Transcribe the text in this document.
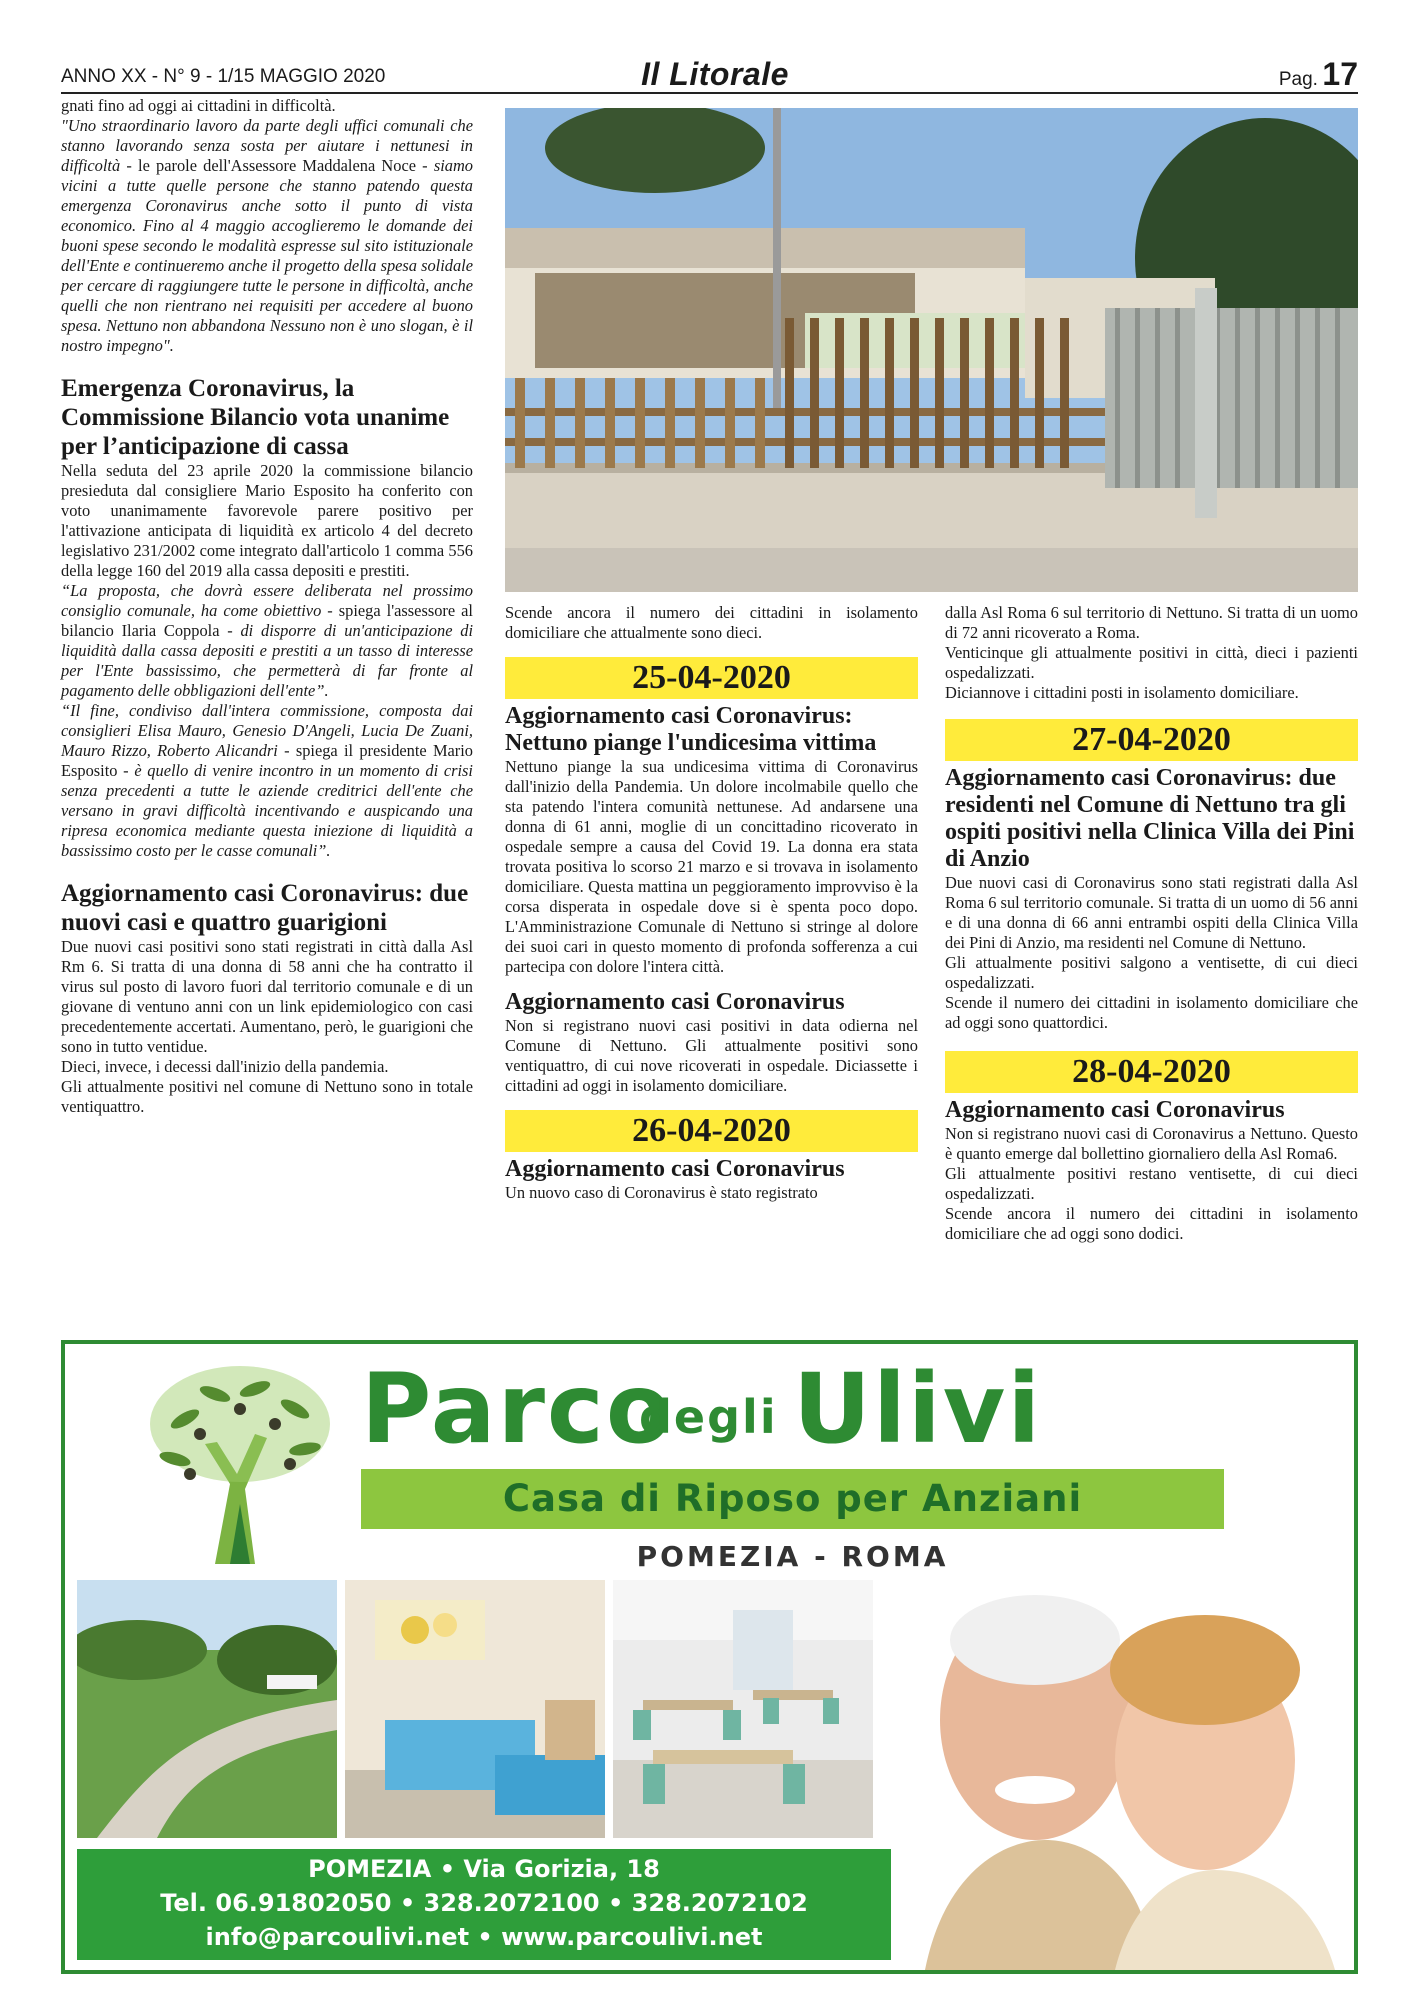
ANNO XX - N° 9 - 1/15 MAGGIO 2020	Il Litorale	Pag. 17

gnati fino ad oggi ai cittadini in difficoltà.
"Uno straordinario lavoro da parte degli uffici comunali che stanno lavorando senza sosta per aiutare i nettunesi in difficoltà - le parole dell'Assessore Maddalena Noce - siamo vicini a tutte quelle persone che stanno patendo questa emergenza Coronavirus anche sotto il punto di vista economico. Fino al 4 maggio accoglieremo le domande dei buoni spese secondo le modalità espresse sul sito istituzionale dell'Ente e continueremo anche il progetto della spesa solidale per cercare di raggiungere tutte le persone in difficoltà, anche quelli che non rientrano nei requisiti per accedere al buono spesa. Nettuno non abbandona Nessuno non è uno slogan, è il nostro impegno".

Emergenza Coronavirus, la Commissione Bilancio vota unanime per l’anticipazione di cassa

Nella seduta del 23 aprile 2020 la commissione bilancio presieduta dal consigliere Mario Esposito ha conferito con voto unanimamente favorevole parere positivo per l'attivazione anticipata di liquidità ex articolo 4 del decreto legislativo 231/2002 come integrato dall'articolo 1 comma 556 della legge 160 del 2019 alla cassa depositi e prestiti.

“La proposta, che dovrà essere deliberata nel prossimo consiglio comunale, ha come obiettivo - spiega l'assessore al bilancio Ilaria Coppola - di disporre di un'anticipazione di liquidità dalla cassa depositi e prestiti a un tasso di interesse per l'Ente bassissimo, che permetterà di far fronte al pagamento delle obbligazioni dell'ente”.

“Il fine, condiviso dall'intera commissione, composta dai consiglieri Elisa Mauro, Genesio D'Angeli, Lucia De Zuani, Mauro Rizzo, Roberto Alicandri - spiega il presidente Mario Esposito - è quello di venire incontro in un momento di crisi senza precedenti a tutte le aziende creditrici dell'ente che versano in gravi difficoltà incentivando e auspicando una ripresa economica mediante questa iniezione di liquidità a bassissimo costo per le casse comunali”.

Aggiornamento casi Coronavirus: due nuovi casi e quattro guarigioni

Due nuovi casi positivi sono stati registrati in città dalla Asl Rm 6. Si tratta di una donna di 58 anni che ha contratto il virus sul posto di lavoro fuori dal territorio comunale e di un giovane di ventuno anni con un link epidemiologico con casi precedentemente accertati. Aumentano, però, le guarigioni che sono in tutto ventidue.

Dieci, invece, i decessi dall'inizio della pandemia.

Gli attualmente positivi nel comune di Nettuno sono in totale ventiquattro.

Scende ancora il numero dei cittadini in isolamento domiciliare che attualmente sono dieci.

25-04-2020
Aggiornamento casi Coronavirus: Nettuno piange l'undicesima vittima

Nettuno piange la sua undicesima vittima di Coronavirus dall'inizio della Pandemia. Un dolore incolmabile quello che sta patendo l'intera comunità nettunese. Ad andarsene una donna di 61 anni, moglie di un concittadino ricoverato in ospedale sempre a causa del Covid 19. La donna era stata trovata positiva lo scorso 21 marzo e si trovava in isolamento domiciliare. Questa mattina un peggioramento improvviso è la corsa disperata in ospedale dove si è spenta poco dopo. L'Amministrazione Comunale di Nettuno si stringe al dolore dei suoi cari in questo momento di profonda sofferenza a cui partecipa con dolore l'intera città.

Aggiornamento casi Coronavirus

Non si registrano nuovi casi positivi in data odierna nel Comune di Nettuno. Gli attualmente positivi sono ventiquattro, di cui nove ricoverati in ospedale. Diciassette i cittadini ad oggi in isolamento domiciliare.

26-04-2020
Aggiornamento casi Coronavirus

Un nuovo caso di Coronavirus è stato registrato

dalla Asl Roma 6 sul territorio di Nettuno. Si tratta di un uomo di 72 anni ricoverato a Roma.

Venticinque gli attualmente positivi in città, dieci i pazienti ospedalizzati.

Diciannove i cittadini posti in isolamento domiciliare.

27-04-2020
Aggiornamento casi Coronavirus: due residenti nel Comune di Nettuno tra gli ospiti positivi nella Clinica Villa dei Pini di Anzio

Due nuovi casi di Coronavirus sono stati registrati dalla Asl Roma 6 sul territorio comunale. Si tratta di un uomo di 56 anni e di una donna di 66 anni entrambi ospiti della Clinica Villa dei Pini di Anzio, ma residenti nel Comune di Nettuno.

Gli attualmente positivi salgono a ventisette, di cui dieci ospedalizzati.

Scende il numero dei cittadini in isolamento domiciliare che ad oggi sono quattordici.

28-04-2020
Aggiornamento casi Coronavirus

Non si registrano nuovi casi di Coronavirus a Nettuno. Questo è quanto emerge dal bollettino giornaliero della Asl Roma6.

Gli attualmente positivi restano ventisette, di cui dieci ospedalizzati.

Scende ancora il numero dei cittadini in isolamento domiciliare che ad oggi sono dodici.

Parco
degli Ulivi
Casa di Riposo per Anziani
POMEZIA - ROMA
POMEZIA • Via Gorizia, 18
Tel. 06.91802050 • 328.2072100 • 328.2072102
info@parcoulivi.net • www.parcoulivi.net
